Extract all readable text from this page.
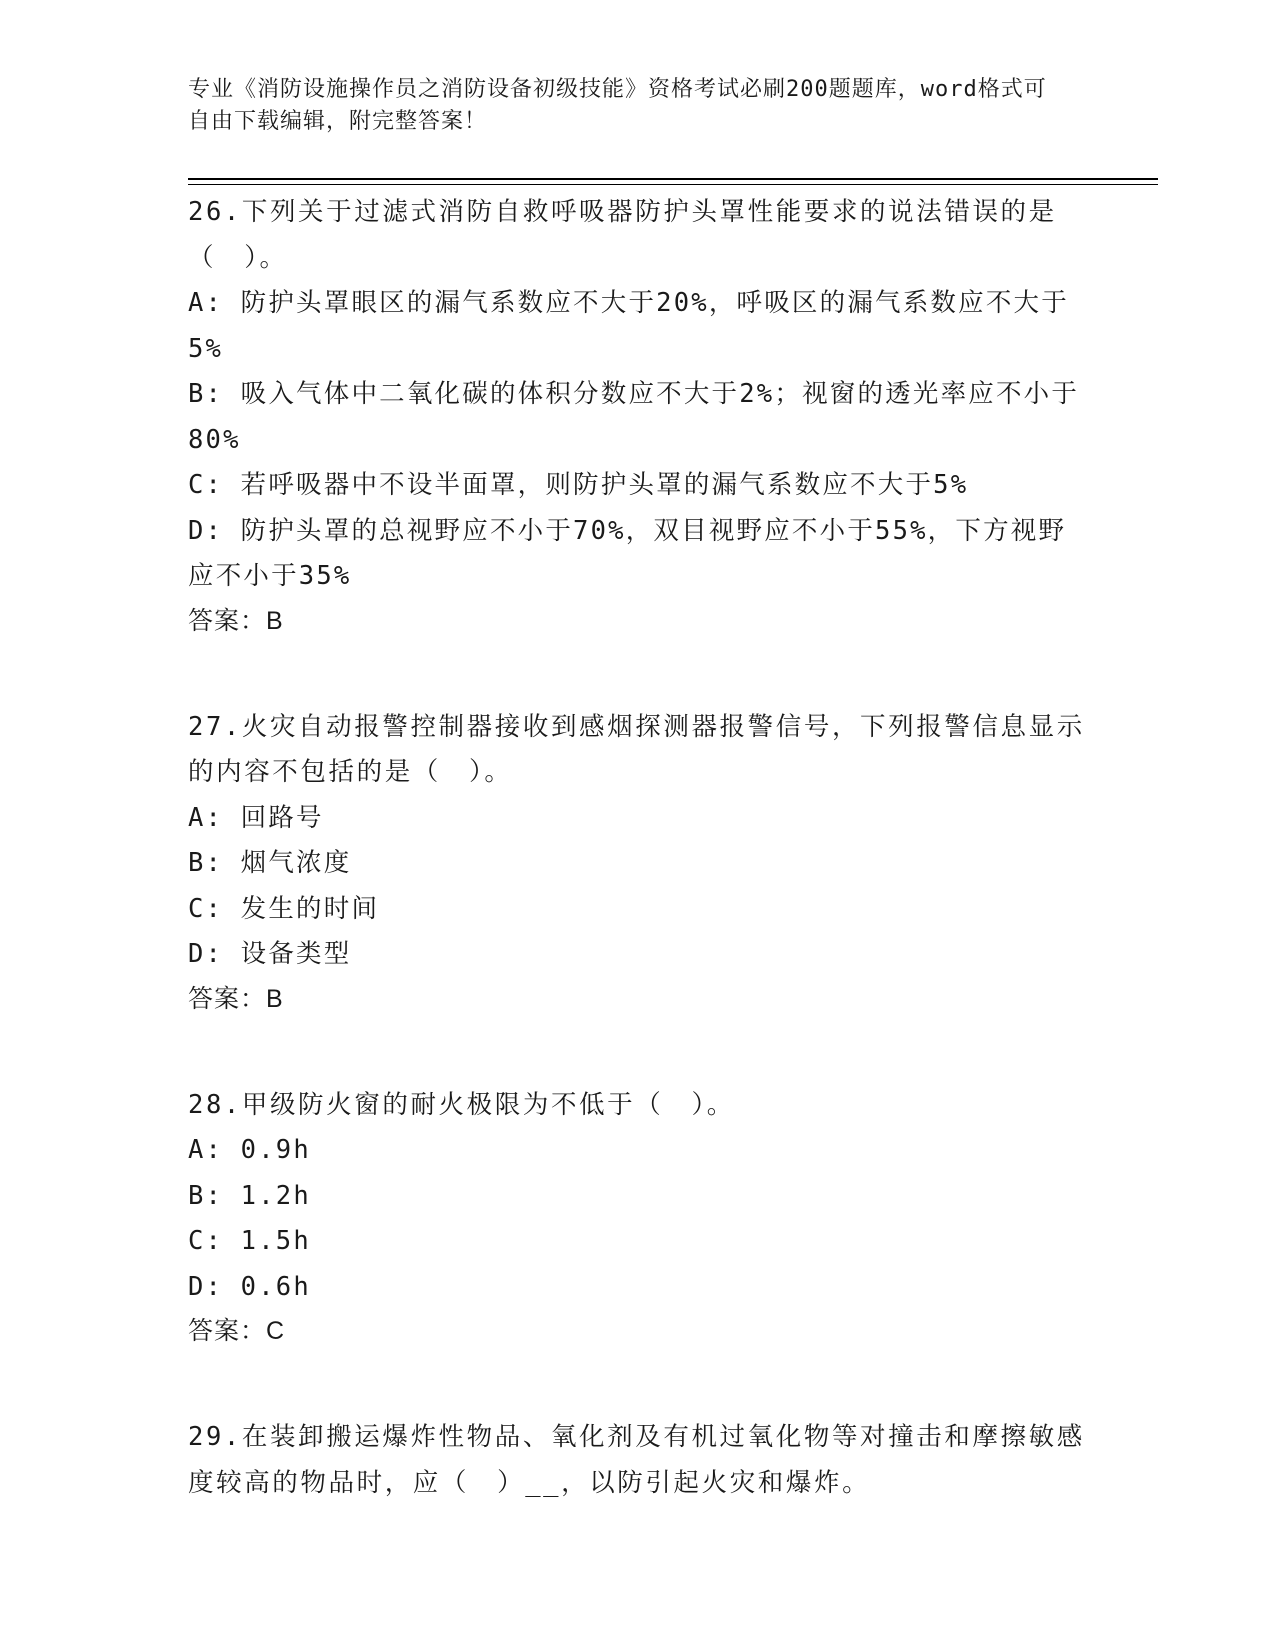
专业《消防设施操作员之消防设备初级技能》资格考试必刷200题题库，word格式可自由下载编辑，附完整答案！

26.下列关于过滤式消防自救呼吸器防护头罩性能要求的说法错误的是（　）。

A: 防护头罩眼区的漏气系数应不大于20%，呼吸区的漏气系数应不大于5%

B: 吸入气体中二氧化碳的体积分数应不大于2%；视窗的透光率应不小于80%

C: 若呼吸器中不设半面罩，则防护头罩的漏气系数应不大于5%

D: 防护头罩的总视野应不小于70%，双目视野应不小于55%，下方视野应不小于35%

答案：B

27.火灾自动报警控制器接收到感烟探测器报警信号，下列报警信息显示的内容不包括的是（　）。

A: 回路号

B: 烟气浓度

C: 发生的时间

D: 设备类型

答案：B

28.甲级防火窗的耐火极限为不低于（　）。

A: 0.9h

B: 1.2h

C: 1.5h

D: 0.6h

答案：C

29.在装卸搬运爆炸性物品、氧化剂及有机过氧化物等对撞击和摩擦敏感度较高的物品时，应（　）__，以防引起火灾和爆炸。
